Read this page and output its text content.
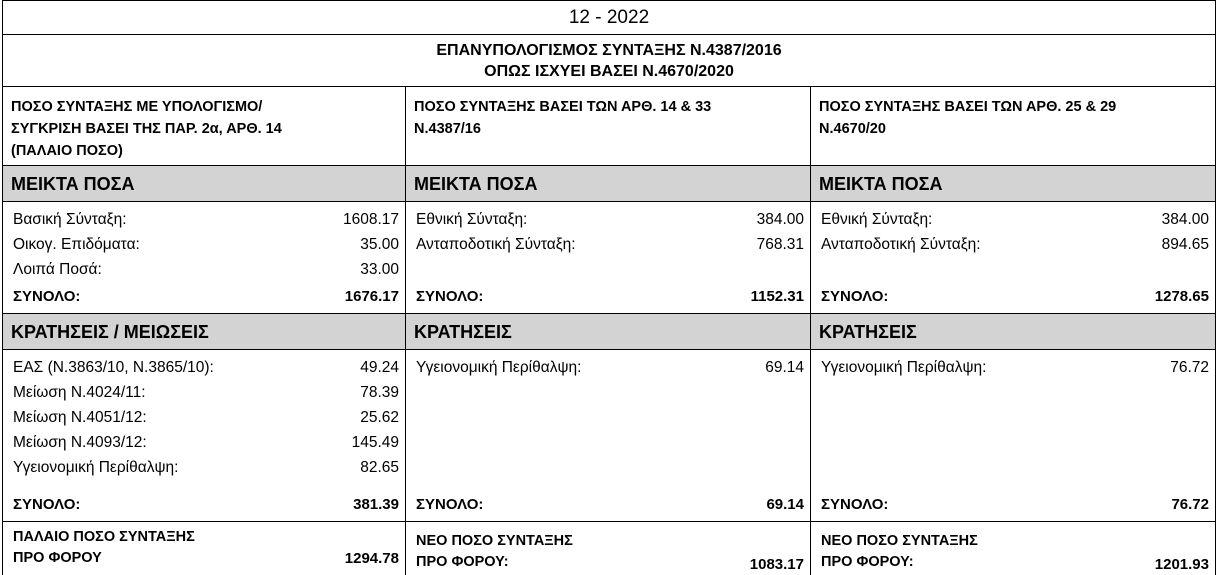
12 - 2022
ΕΠΑΝΥΠΟΛΟΓΙΣΜΟΣ ΣΥΝΤΑΞΗΣ Ν.4387/2016
ΟΠΩΣ ΙΣΧΥΕΙ ΒΑΣΕΙ Ν.4670/2020
ΠΟΣΟ ΣΥΝΤΑΞΗΣ ΜΕ ΥΠΟΛΟΓΙΣΜΟ/
ΣΥΓΚΡΙΣΗ ΒΑΣΕΙ ΤΗΣ ΠΑΡ. 2α, ΑΡΘ. 14
(ΠΑΛΑΙΟ ΠΟΣΟ)
ΜΕΙΚΤΑ ΠΟΣΑ
Βασική Σύνταξη:	1608.17
Οικογ. Επιδόματα:	35.00
Λοιπά Ποσά:	33.00
ΣΥΝΟΛΟ:	1676.17
ΚΡΑΤΗΣΕΙΣ / ΜΕΙΩΣΕΙΣ
ΕΑΣ (Ν.3863/10, Ν.3865/10):	49.24
Μείωση Ν.4024/11:	78.39
Μείωση Ν.4051/12:	25.62
Μείωση Ν.4093/12:	145.49
Υγειονομική Περίθαλψη:	82.65
ΣΥΝΟΛΟ:	381.39
ΠΑΛΑΙΟ ΠΟΣΟ ΣΥΝΤΑΞΗΣ
ΠΡΟ ΦΟΡΟΥ	1294.78
ΠΟΣΟ ΣΥΝΤΑΞΗΣ ΒΑΣΕΙ ΤΩΝ ΑΡΘ. 14 & 33
Ν.4387/16
ΜΕΙΚΤΑ ΠΟΣΑ
Εθνική Σύνταξη:	384.00
Ανταποδοτική Σύνταξη:	768.31
ΣΥΝΟΛΟ:	1152.31
ΚΡΑΤΗΣΕΙΣ
Υγειονομική Περίθαλψη:	69.14
ΣΥΝΟΛΟ:	69.14
ΝΕΟ ΠΟΣΟ ΣΥΝΤΑΞΗΣ
ΠΡΟ ΦΟΡΟΥ:	1083.17
ΠΟΣΟ ΣΥΝΤΑΞΗΣ ΒΑΣΕΙ ΤΩΝ ΑΡΘ. 25 & 29
Ν.4670/20
ΜΕΙΚΤΑ ΠΟΣΑ
Εθνική Σύνταξη:	384.00
Ανταποδοτική Σύνταξη:	894.65
ΣΥΝΟΛΟ:	1278.65
ΚΡΑΤΗΣΕΙΣ
Υγειονομική Περίθαλψη:	76.72
ΣΥΝΟΛΟ:	76.72
ΝΕΟ ΠΟΣΟ ΣΥΝΤΑΞΗΣ
ΠΡΟ ΦΟΡΟΥ:	1201.93
